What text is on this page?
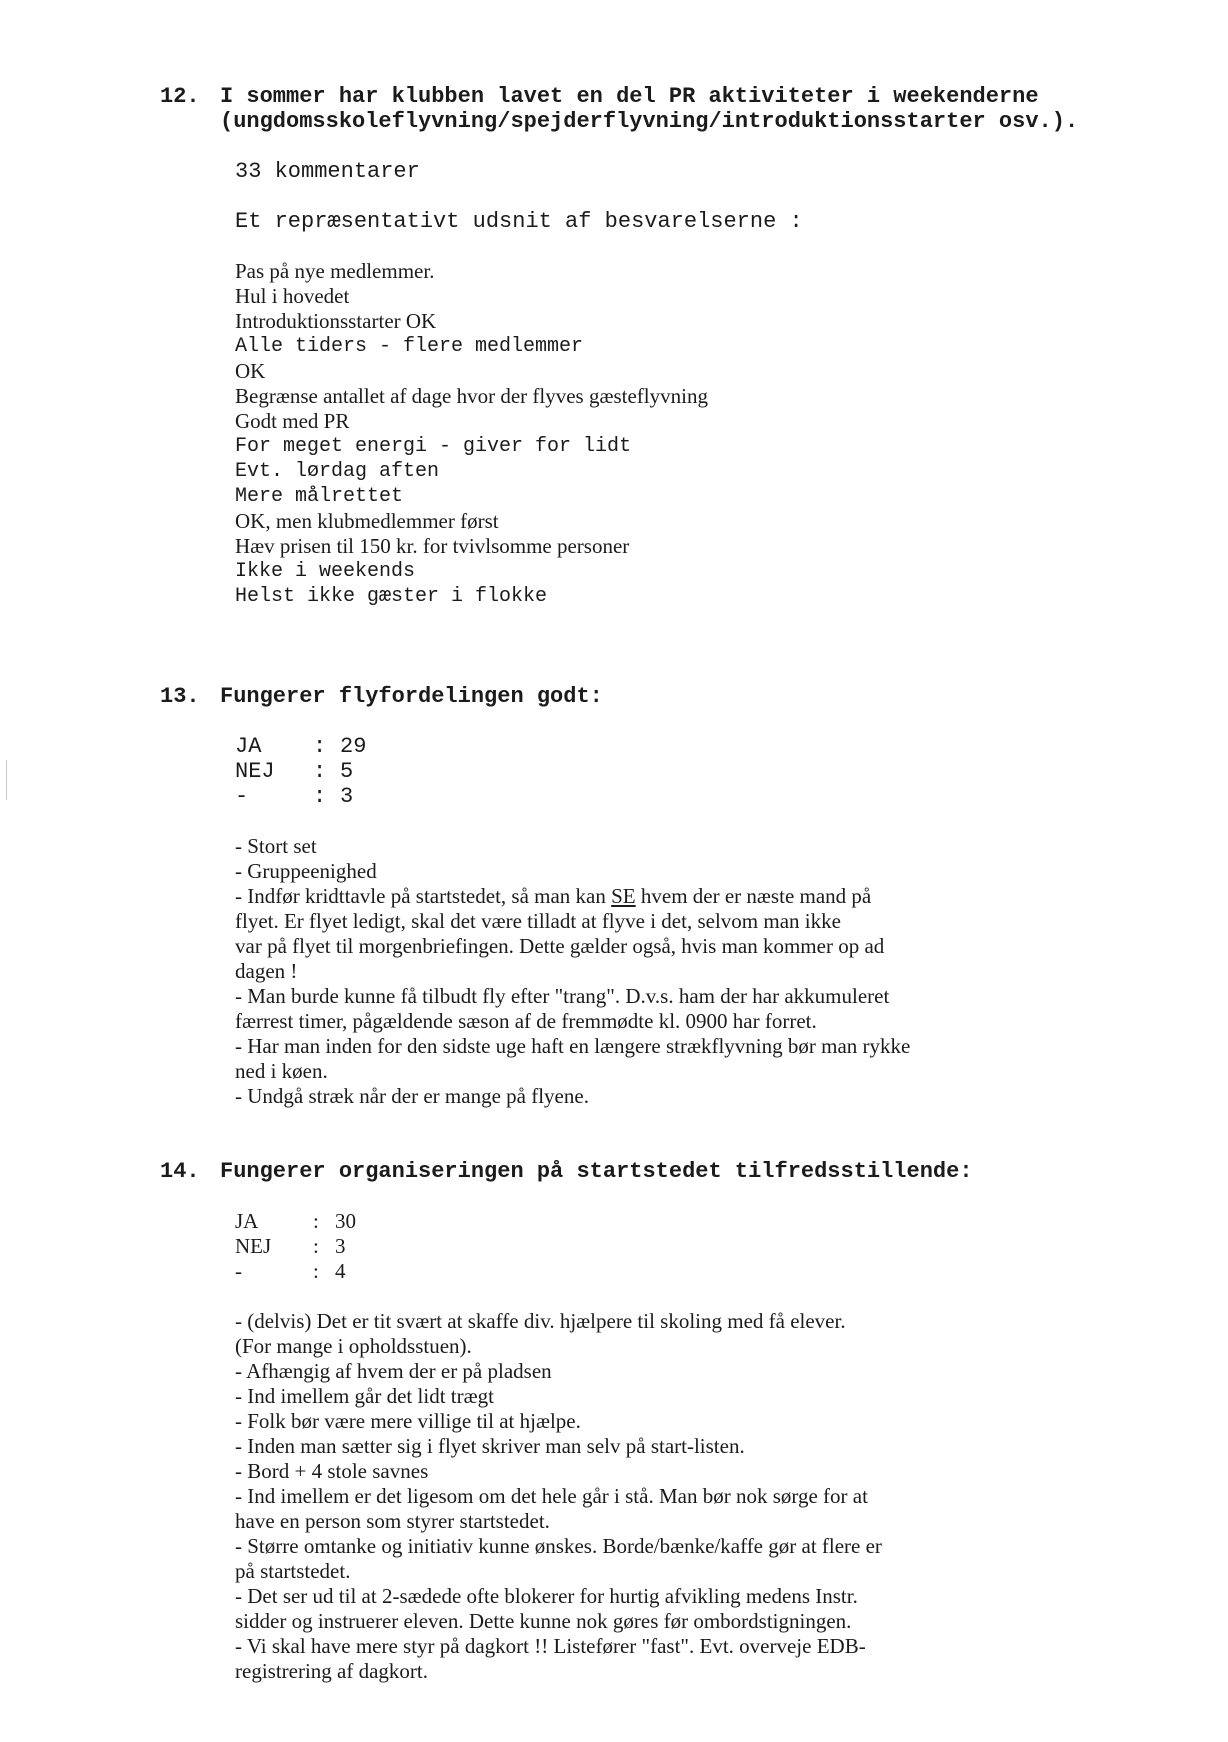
12. I sommer har klubben lavet en del PR aktiviteter i weekenderne
(ungdomsskoleflyvning/spejderflyvning/introduktionsstarter osv.).
33 kommentarer
Et repræsentativt udsnit af besvarelserne :
Pas på nye medlemmer.
Hul i hovedet
Introduktionsstarter OK
Alle tiders - flere medlemmer
OK
Begrænse antallet af dage hvor der flyves gæsteflyvning
Godt med PR
For meget energi - giver for lidt
Evt. lørdag aften
Mere målrettet
OK, men klubmedlemmer først
Hæv prisen til 150 kr. for tvivlsomme personer
Ikke i weekends
Helst ikke gæster i flokke
13. Fungerer flyfordelingen godt:
JA : 29
NEJ : 5
-	: 3
- Stort set
- Gruppeenighed
- Indfør kridttavle på startstedet, så man kan SE hvem der er næste mand på
flyet. Er flyet ledigt, skal det være tilladt at flyve i det, selvom man ikke
var på flyet til morgenbriefingen. Dette gælder også, hvis man kommer op ad
dagen !
- Man burde kunne få tilbudt fly efter "trang". D.v.s. ham der har akkumuleret
færrest timer, pågældende sæson af de fremmødte kl. 0900 har forret.
- Har man inden for den sidste uge haft en længere strækflyvning bør man rykke
ned i køen.
- Undgå stræk når der er mange på flyene.
14. Fungerer organiseringen på startstedet tilfredsstillende:
JA	: 30
NEJ : 3
-	: 4
- (delvis) Det er tit svært at skaffe div. hjælpere til skoling med få elever.
(For mange i opholdsstuen).
- Afhængig af hvem der er på pladsen
- Ind imellem går det lidt trægt
- Folk bør være mere villige til at hjælpe.
- Inden man sætter sig i flyet skriver man selv på start-listen.
- Bord + 4 stole savnes
- Ind imellem er det ligesom om det hele går i stå. Man bør nok sørge for at
have en person som styrer startstedet.
- Større omtanke og initiativ kunne ønskes. Borde/bænke/kaffe gør at flere er
på startstedet.
- Det ser ud til at 2-sædede ofte blokerer for hurtig afvikling medens Instr.
sidder og instruerer eleven. Dette kunne nok gøres før ombordstigningen.
- Vi skal have mere styr på dagkort !! Listefører "fast". Evt. overveje EDB-
registrering af dagkort.
